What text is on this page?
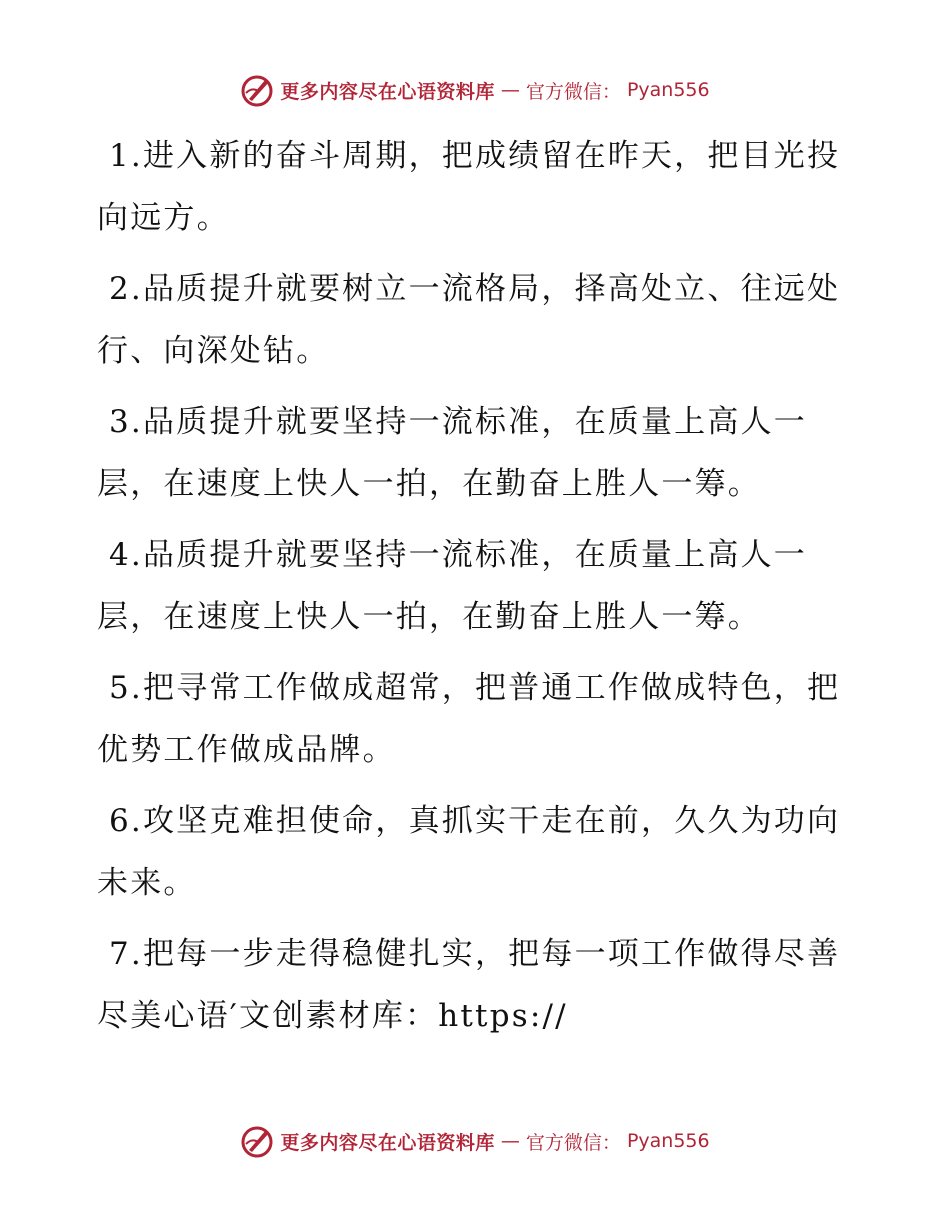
更多内容尽在心语资料库 — 官方微信： Pyan556

1.进入新的奋斗周期，把成绩留在昨天，把目光投向远方。

2.品质提升就要树立一流格局，择高处立、往远处行、向深处钻。

3.品质提升就要坚持一流标准，在质量上高人一层，在速度上快人一拍，在勤奋上胜人一筹。

4.品质提升就要坚持一流标准，在质量上高人一层，在速度上快人一拍，在勤奋上胜人一筹。

5.把寻常工作做成超常，把普通工作做成特色，把优势工作做成品牌。

6.攻坚克难担使命，真抓实干走在前，久久为功向未来。

7.把每一步走得稳健扎实，把每一项工作做得尽善尽美心语′文创素材库：https://

更多内容尽在心语资料库 — 官方微信： Pyan556
